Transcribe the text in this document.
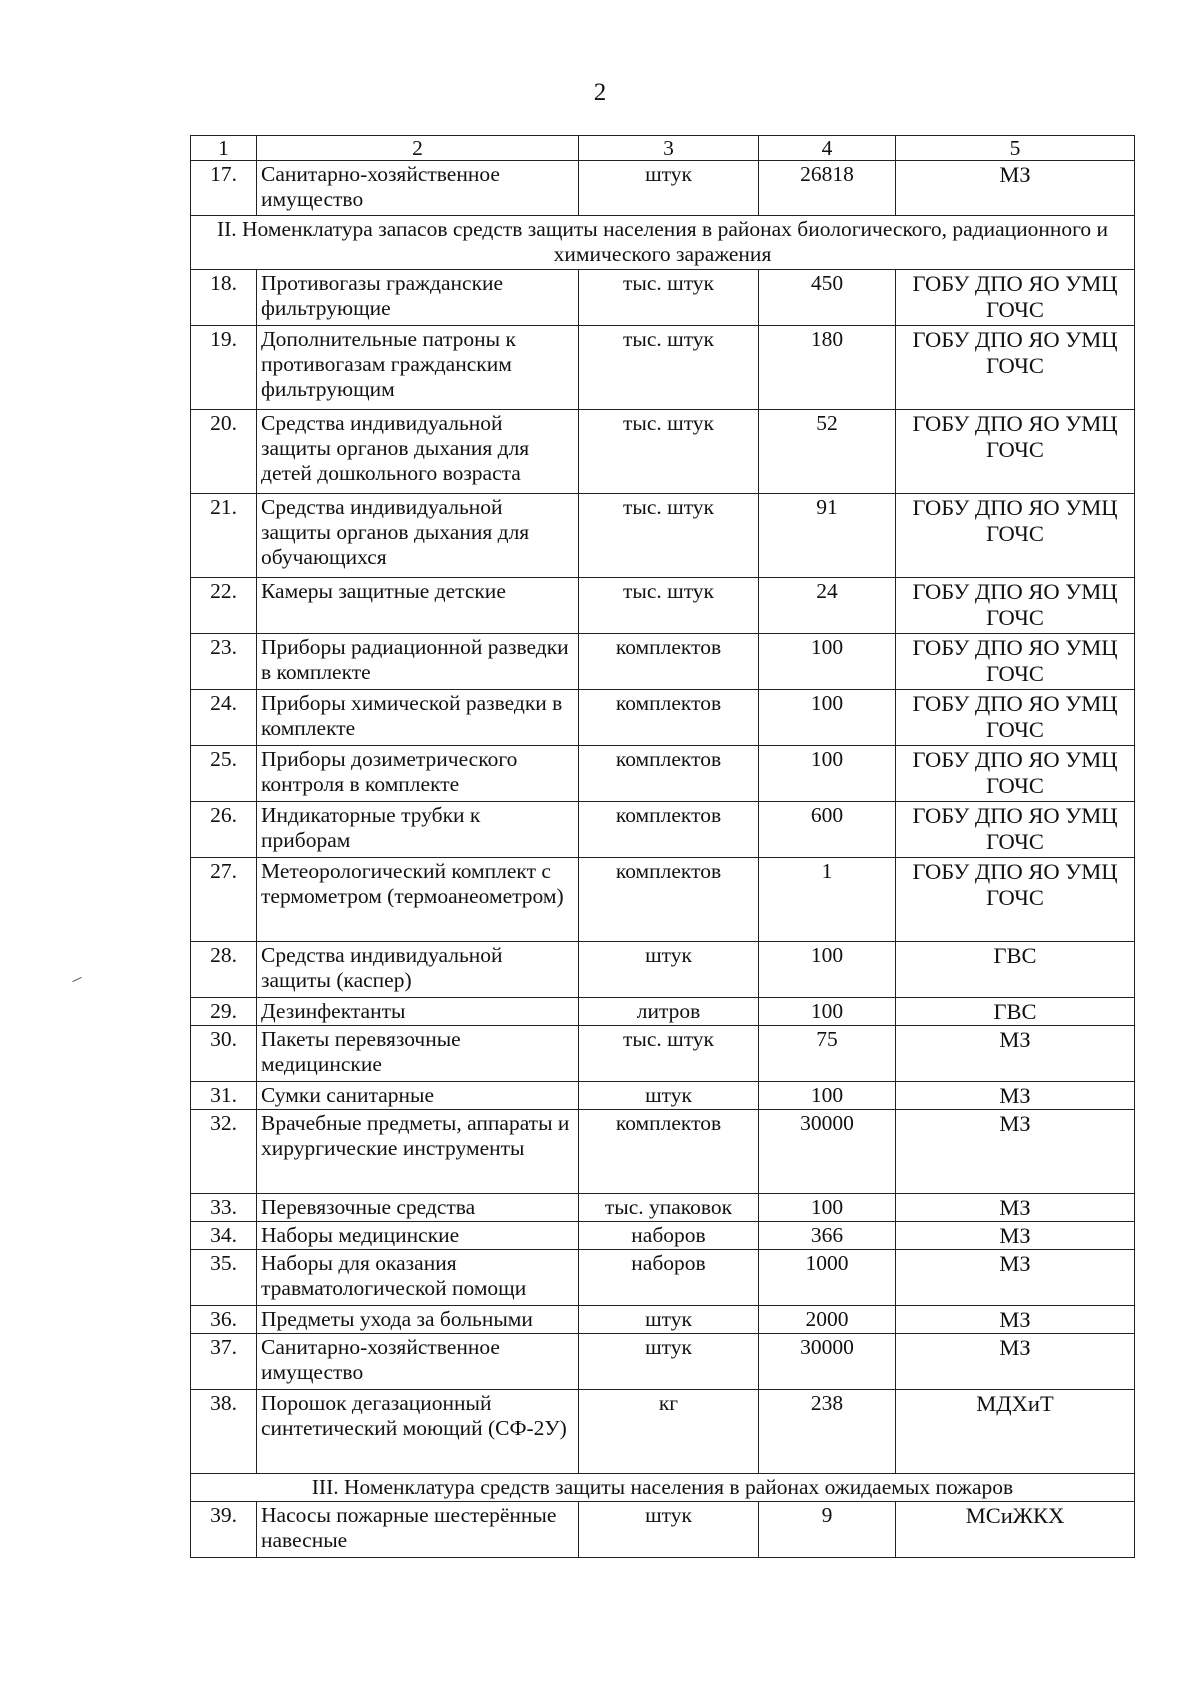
2
1	2	3	4	5
17.	Санитарно-хозяйственное имущество	штук	26818	МЗ
II. Номенклатура запасов средств защиты населения в районах биологического, радиационного и химического заражения				
18.	Противогазы гражданские фильтрующие	тыс. штук	450	ГОБУ ДПО ЯО УМЦ ГОЧС
19.	Дополнительные патроны к противогазам гражданским фильтрующим	тыс. штук	180	ГОБУ ДПО ЯО УМЦ ГОЧС
20.	Средства индивидуальной защиты органов дыхания для детей дошкольного возраста	тыс. штук	52	ГОБУ ДПО ЯО УМЦ ГОЧС
21.	Средства индивидуальной защиты органов дыхания для обучающихся	тыс. штук	91	ГОБУ ДПО ЯО УМЦ ГОЧС
22.	Камеры защитные детские	тыс. штук	24	ГОБУ ДПО ЯО УМЦ ГОЧС
23.	Приборы радиационной разведки в комплекте	комплектов	100	ГОБУ ДПО ЯО УМЦ ГОЧС
24.	Приборы химической разведки в комплекте	комплектов	100	ГОБУ ДПО ЯО УМЦ ГОЧС
25.	Приборы дозиметрического контроля в комплекте	комплектов	100	ГОБУ ДПО ЯО УМЦ ГОЧС
26.	Индикаторные трубки к приборам	комплектов	600	ГОБУ ДПО ЯО УМЦ ГОЧС
27.	Метеорологический комплект с термометром (термоанеометром)	комплектов	1	ГОБУ ДПО ЯО УМЦ ГОЧС
28.	Средства индивидуальной защиты (каспер)	штук	100	ГВС
29.	Дезинфектанты	литров	100	ГВС
30.	Пакеты перевязочные медицинские	тыс. штук	75	МЗ
31.	Сумки санитарные	штук	100	МЗ
32.	Врачебные предметы, аппараты и хирургические инструменты	комплектов	30000	МЗ
33.	Перевязочные средства	тыс. упаковок	100	МЗ
34.	Наборы медицинские	наборов	366	МЗ
35.	Наборы для оказания травматологической помощи	наборов	1000	МЗ
36.	Предметы ухода за больными	штук	2000	МЗ
37.	Санитарно-хозяйственное имущество	штук	30000	МЗ
38.	Порошок дегазационный синтетический моющий (СФ-2У)	кг	238	МДХиТ
III. Номенклатура средств защиты населения в районах ожидаемых пожаров				
39.	Насосы пожарные шестерённые навесные	штук	9	МСиЖКХ
